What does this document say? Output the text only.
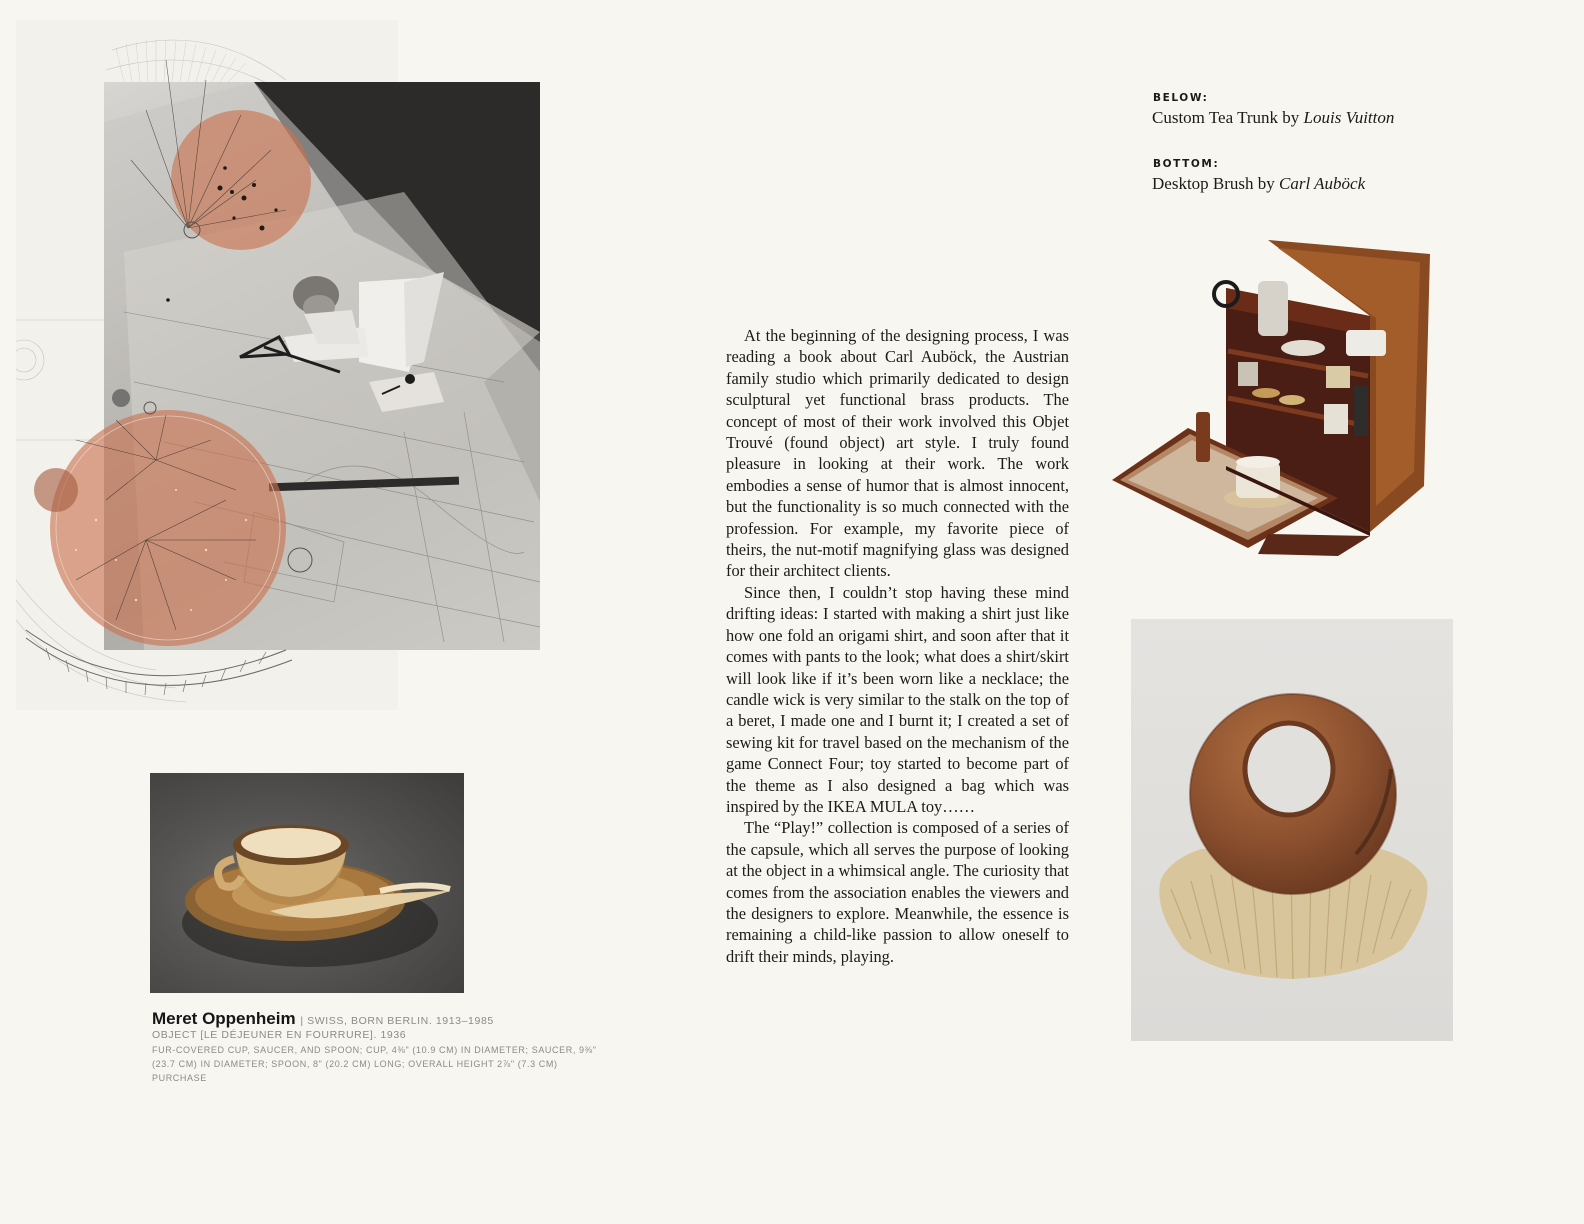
Meret Oppenheim | SWISS, BORN BERLIN. 1913–1985
OBJECT [LE DÉJEUNER EN FOURRURE]. 1936
FUR-COVERED CUP, SAUCER, AND SPOON; CUP, 4⅜" (10.9 CM) IN DIAMETER; SAUCER, 9⅜"
(23.7 CM) IN DIAMETER; SPOON, 8" (20.2 CM) LONG; OVERALL HEIGHT 2⅞" (7.3 CM)
PURCHASE

At the beginning of the designing process, I was reading a book about Carl Auböck, the Austrian family studio which primarily dedicated to design sculptural yet functional brass products. The concept of most of their work involved this Objet Trouvé (found object) art style. I truly found pleasure in looking at their work. The work embodies a sense of humor that is almost innocent, but the functionality is so much connected with the profession. For example, my favorite piece of theirs, the nut-motif magnifying glass was designed for their architect clients.

Since then, I couldn’t stop having these mind drifting ideas: I started with making a shirt just like how one fold an origami shirt, and soon after that it comes with pants to the look; what does a shirt/skirt will look like if it’s been worn like a necklace; the candle wick is very similar to the stalk on the top of a beret, I made one and I burnt it; I created a set of sewing kit for travel based on the mechanism of the game Connect Four; toy started to become part of the theme as I also designed a bag which was inspired by the IKEA MULA toy……

The “Play!” collection is composed of a series of the capsule, which all serves the purpose of looking at the object in a whimsical angle. The curiosity that comes from the association enables the viewers and the designers to explore. Meanwhile, the essence is remaining a child-like passion to allow oneself to drift their minds, playing.

BELOW:
Custom Tea Trunk by Louis Vuitton
BOTTOM:
Desktop Brush by Carl Auböck
